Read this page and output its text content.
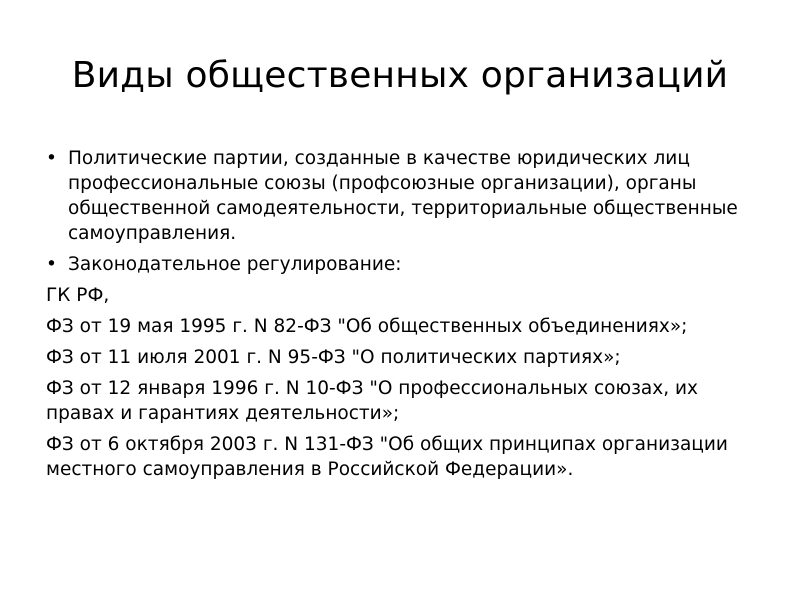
Виды общественных организаций
• Политические партии, созданные в качестве юридических лиц профессиональные союзы (профсоюзные организации), органы общественной самодеятельности, территориальные общественные самоуправления.
• Законодательное регулирование:
ГК РФ,
ФЗ от 19 мая 1995 г. N 82-ФЗ "Об общественных объединениях»;
ФЗ от 11 июля 2001 г. N 95-ФЗ "О политических партиях»;
ФЗ от 12 января 1996 г. N 10-ФЗ "О профессиональных союзах, их правах и гарантиях деятельности»;
ФЗ от 6 октября 2003 г. N 131-ФЗ "Об общих принципах организации местного самоуправления в Российской Федерации».
